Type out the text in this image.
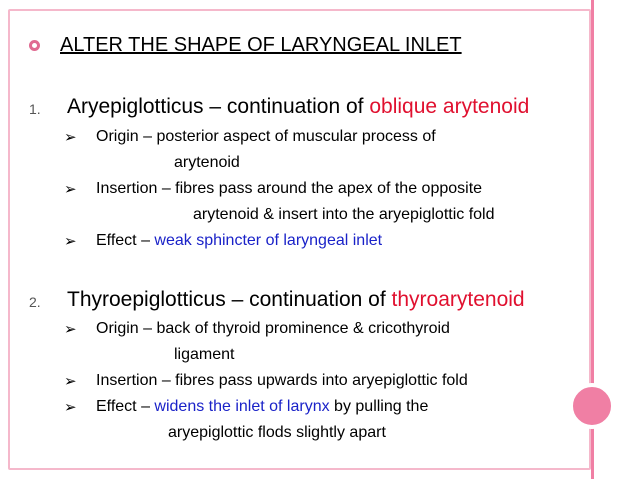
ALTER THE SHAPE OF LARYNGEAL INLET
1. Aryepiglotticus – continuation of oblique arytenoid
➢ Origin – posterior aspect of muscular process of
arytenoid
➢ Insertion – fibres pass around the apex of the opposite
arytenoid & insert into the aryepiglottic fold
➢ Effect – weak sphincter of laryngeal inlet
2. Thyroepiglotticus – continuation of thyroarytenoid
➢ Origin – back of thyroid prominence & cricothyroid
ligament
➢ Insertion – fibres pass upwards into aryepiglottic fold
➢ Effect – widens the inlet of larynx by pulling the
aryepiglottic flods slightly apart
